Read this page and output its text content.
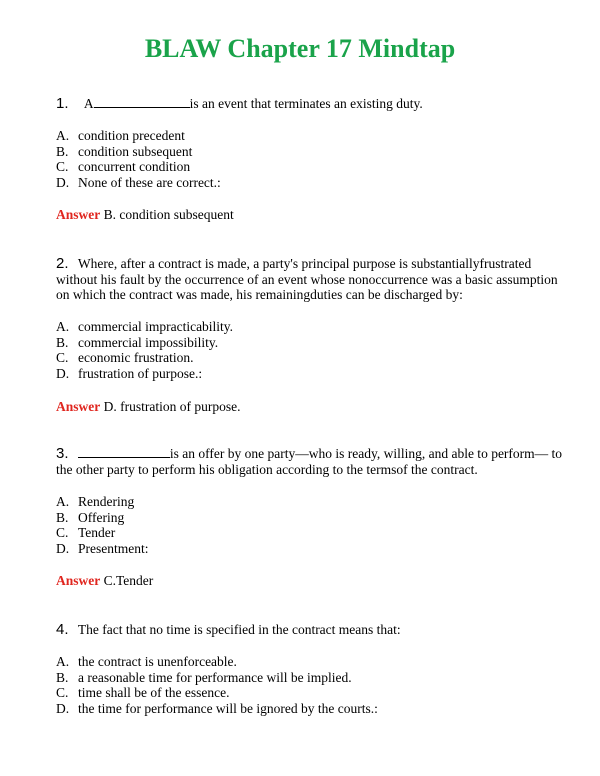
BLAW Chapter 17 Mindtap
1. A	is an event that terminates an existing duty.
A. condition precedent
B. condition subsequent
C. concurrent condition
D. None of these are correct.:
Answer B. condition subsequent
2. Where, after a contract is made, a party's principal purpose is substantiallyfrustrated without his fault by the occurrence of an event whose nonoccurrence was a basic assumption on which the contract was made, his remainingduties can be discharged by:
A. commercial impracticability.
B. commercial impossibility.
C. economic frustration.
D. frustration of purpose.:
Answer D. frustration of purpose.
3.	is an offer by one party—who is ready, willing, and able to perform— to the other party to perform his obligation according to the termsof the contract.
A. Rendering
B. Offering
C. Tender
D. Presentment:
Answer C.Tender
4. The fact that no time is specified in the contract means that:
A. the contract is unenforceable.
B. a reasonable time for performance will be implied.
C. time shall be of the essence.
D. the time for performance will be ignored by the courts.:
